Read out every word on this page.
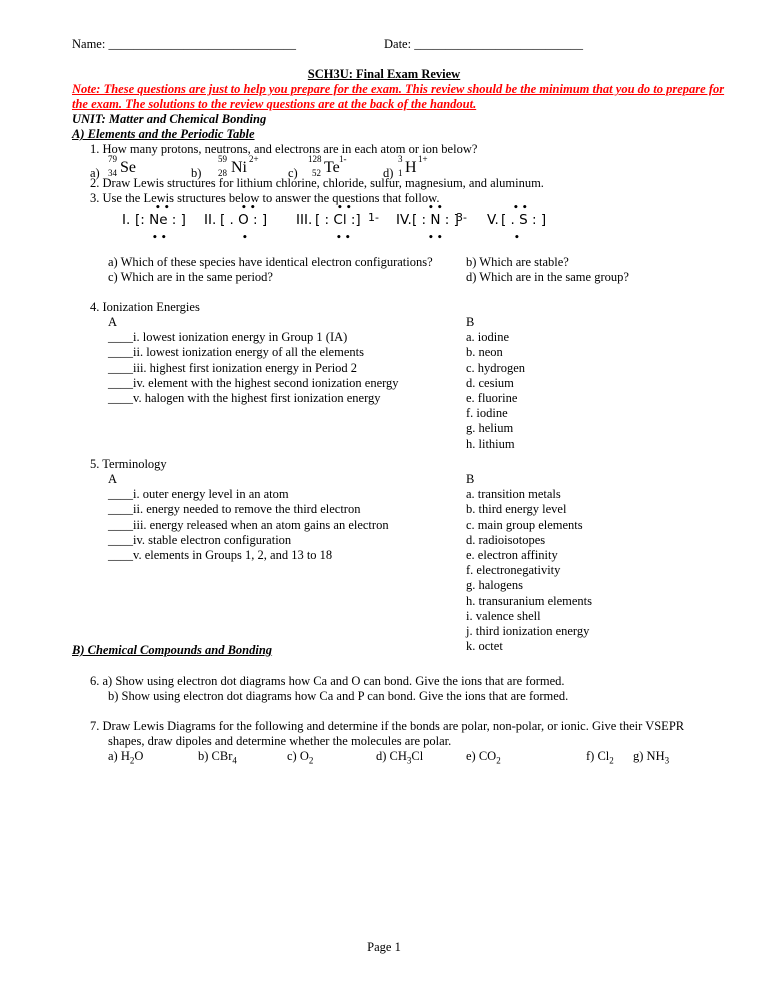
Name: ______________________________	Date: ___________________________
SCH3U: Final Exam Review
Note: These questions are just to help you prepare for the exam. This review should be the minimum that you do to prepare for the exam. The solutions to the review questions are at the back of the handout.
UNIT: Matter and Chemical Bonding
A) Elements and the Periodic Table
1. How many protons, neutrons, and electrons are in each atom or ion below?
a)
79
34 Se	b)
59
28 Ni 2+
c)
128
52 Te 1-
d)
3
1 H 1+
2. Draw Lewis structures for lithium chlorine, chloride, sulfur, magnesium, and aluminum.
3. Use the Lewis structures below to answer the questions that follow.
• •
I. [: Ne : ]
• •
• •
II. [ . O : ]
•
• •
III. [ : Cl :] 1-
• •
• •
IV. [ : N : ]
3-
• •
• •
V. [ . S : ]
•
a) Which of these species have identical electron configurations?	b) Which are stable?
c) Which are in the same period?	d) Which are in the same group?
4. Ionization Energies
A
____i. lowest ionization energy in Group 1 (IA)
____ii. lowest ionization energy of all the elements
____iii. highest first ionization energy in Period 2
____iv. element with the highest second ionization energy
____v. halogen with the highest first ionization energy
B
a. iodine
b. neon
c. hydrogen
d. cesium
e. fluorine
f. iodine
g. helium
h. lithium
5. Terminology
A
____i. outer energy level in an atom
____ii. energy needed to remove the third electron
____iii. energy released when an atom gains an electron
____iv. stable electron configuration
____v. elements in Groups 1, 2, and 13 to 18
B
a. transition metals
b. third energy level
c. main group elements
d. radioisotopes
e. electron affinity
f. electronegativity
g. halogens
h. transuranium elements
i. valence shell
j. third ionization energy
k. octet
B) Chemical Compounds and Bonding
6. a) Show using electron dot diagrams how Ca and O can bond. Give the ions that are formed.
b) Show using electron dot diagrams how Ca and P can bond. Give the ions that are formed.
7. Draw Lewis Diagrams for the following and determine if the bonds are polar, non-polar, or ionic. Give their VSEPR
shapes, draw dipoles and determine whether the molecules are polar.
a) $H_2O$	b) CBr$_4$	c) $O_2$	d) $CH_3Cl$	e) $CO_2$	f) $Cl_2$ g) $NH_3$
Page 1
